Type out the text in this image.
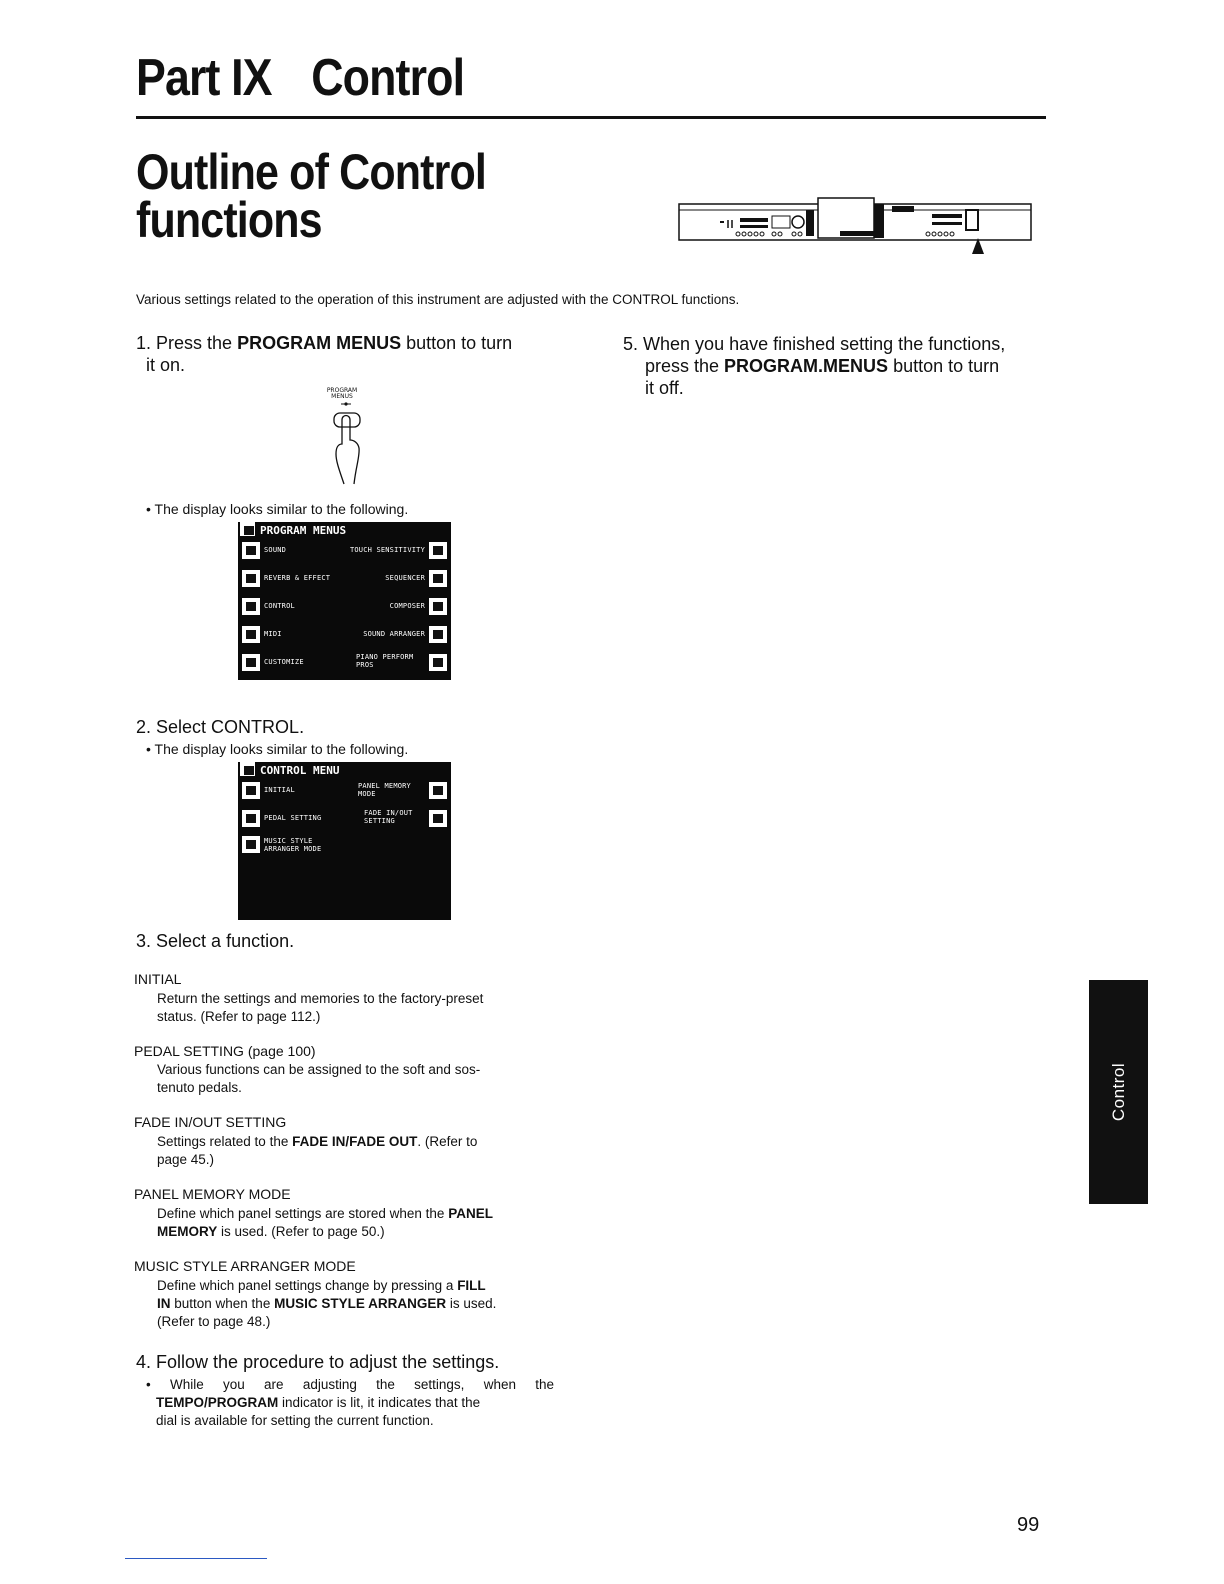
Part IX Control
Outline of Control
functions
Various settings related to the operation of this instrument are adjusted with the CONTROL functions.
1. Press the PROGRAM MENUS button to turn
it on.
PROGRAM
MENUS
• The display looks similar to the following.
PROGRAM MENUS
SOUND	TOUCH SENSITIVITY
REVERB & EFFECT	SEQUENCER
CONTROL	COMPOSER
MIDI	SOUND ARRANGER
CUSTOMIZE
PIANO PERFORM
PROS
2. Select CONTROL.
• The display looks similar to the following.
CONTROL MENU
INITIAL	PANEL MEMORY
MODE
PEDAL SETTING
FADE IN/OUT
SETTING
MUSIC STYLE
ARRANGER MODE
3. Select a function.
INITIAL
Return the settings and memories to the factory-preset
status. (Refer to page 112.)
PEDAL SETTING (page 100)
Various functions can be assigned to the soft and sos-
tenuto pedals.
FADE IN/OUT SETTING
Settings related to the FADE IN/FADE OUT. (Refer to
page 45.)
PANEL MEMORY MODE
Define which panel settings are stored when the PANEL
MEMORY is used. (Refer to page 50.)
MUSIC STYLE ARRANGER MODE
Define which panel settings change by pressing a FILL
IN button when the MUSIC STYLE ARRANGER is used.
(Refer to page 48.)
4. Follow the procedure to adjust the settings.
• While you are adjusting the settings, when the
TEMPO/PROGRAM indicator is lit, it indicates that the
dial is available for setting the current function.
5. When you have finished setting the functions,
press the PROGRAM.MENUS button to turn
it off.
Control
99
